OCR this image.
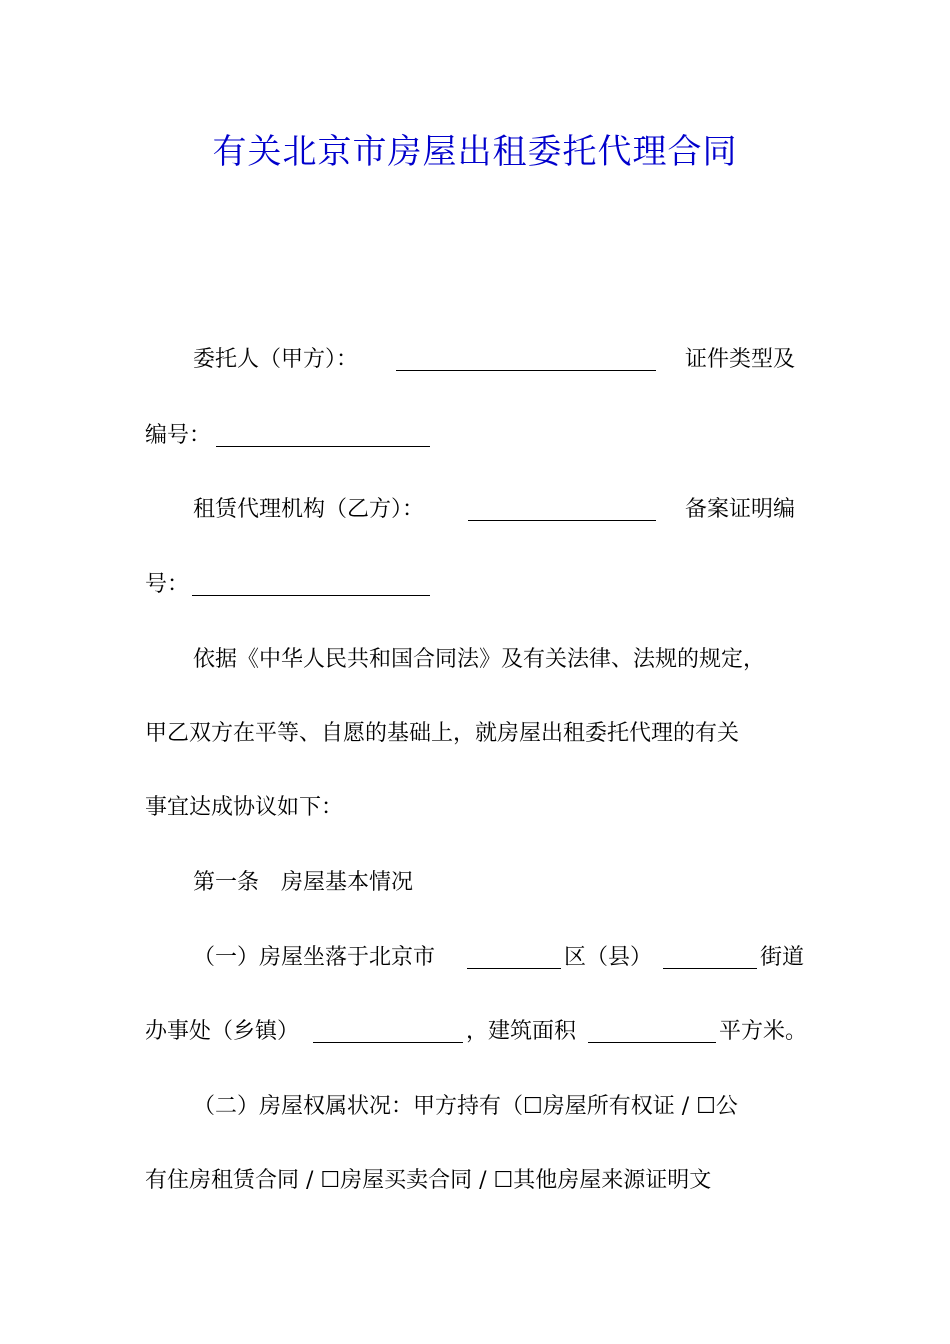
有关北京市房屋出租委托代理合同
委托人（甲方）：	证件类型及
编号：
租赁代理机构（乙方）：	备案证明编
号：
依据《中华人民共和国合同法》及有关法律、法规的规定，
甲乙双方在平等、自愿的基础上，就房屋出租委托代理的有关
事宜达成协议如下：
第一条　房屋基本情况
（一）房屋坐落于北京市	区（县）	街道
办事处（乡镇）	，建筑面积	平方米。
（二）房屋权属状况：甲方持有（☐房屋所有权证 / ☐公
有住房租赁合同 / ☐房屋买卖合同 / ☐其他房屋来源证明文
